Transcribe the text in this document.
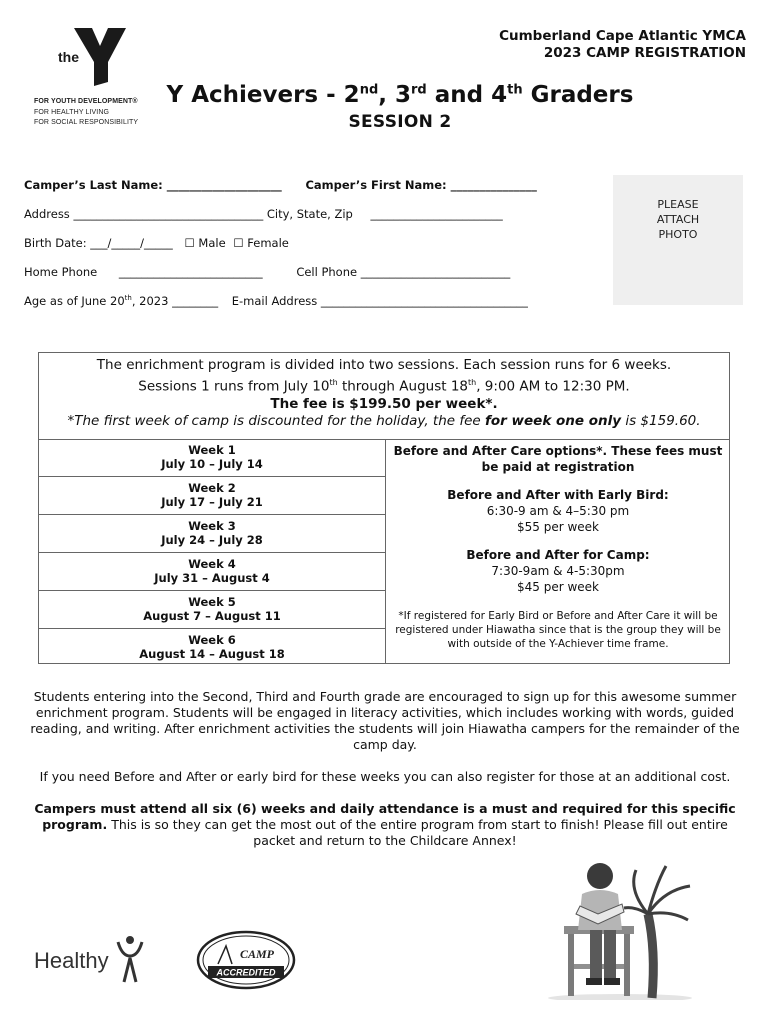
the
YMCA
FOR YOUTH DEVELOPMENT®
FOR HEALTHY LIVING
FOR SOCIAL RESPONSIBILITY
Cumberland Cape Atlantic YMCA
2023 CAMP REGISTRATION
Y Achievers - 2nd, 3rd and 4th Graders
SESSION 2
Camper’s Last Name: ____________________ Camper’s First Name: _______________
Address _________________________________ City, State, Zip _______________________
Birth Date: ___/_____/_____ ☐ Male ☐ Female
Home Phone _________________________	Cell Phone __________________________
Age as of June 20th, 2023 ________ E-mail Address ____________________________________
PLEASE
ATTACH
PHOTO

The enrichment program is divided into two sessions. Each session runs for 6 weeks.

Sessions 1 runs from July 10th through August 18th, 9:00 AM to 12:30 PM.

The fee is $199.50 per week*.

*The first week of camp is discounted for the holiday, the fee for week one only is $159.60.

Week 1
July 10 – July 14
Week 2
July 17 – July 21
Week 3
July 24 – July 28
Week 4
July 31 – August 4
Week 5
August 7 – August 11
Week 6
August 14 – August 18
Before and After Care options*. These fees must be paid at registration
Before and After with Early Bird:
6:30-9 am & 4–5:30 pm
$55 per week
Before and After for Camp:
7:30-9am & 4-5:30pm
$45 per week
*If registered for Early Bird or Before and After Care it will be registered under Hiawatha since that is the group they will be with outside of the Y-Achiever time frame.
Students entering into the Second, Third and Fourth grade are encouraged to sign up for this awesome summer enrichment program. Students will be engaged in literacy activities, which includes working with words, guided reading, and writing. After enrichment activities the students will join Hiawatha campers for the remainder of the camp day.
If you need Before and After or early bird for these weeks you can also register for those at an additional cost.
Campers must attend all six (6) weeks and daily attendance is a must and required for this specific program. This is so they can get the most out of the entire program from start to finish! Please fill out entire packet and return to the Childcare Annex!
Healthy	CAMP
ACCREDITED
